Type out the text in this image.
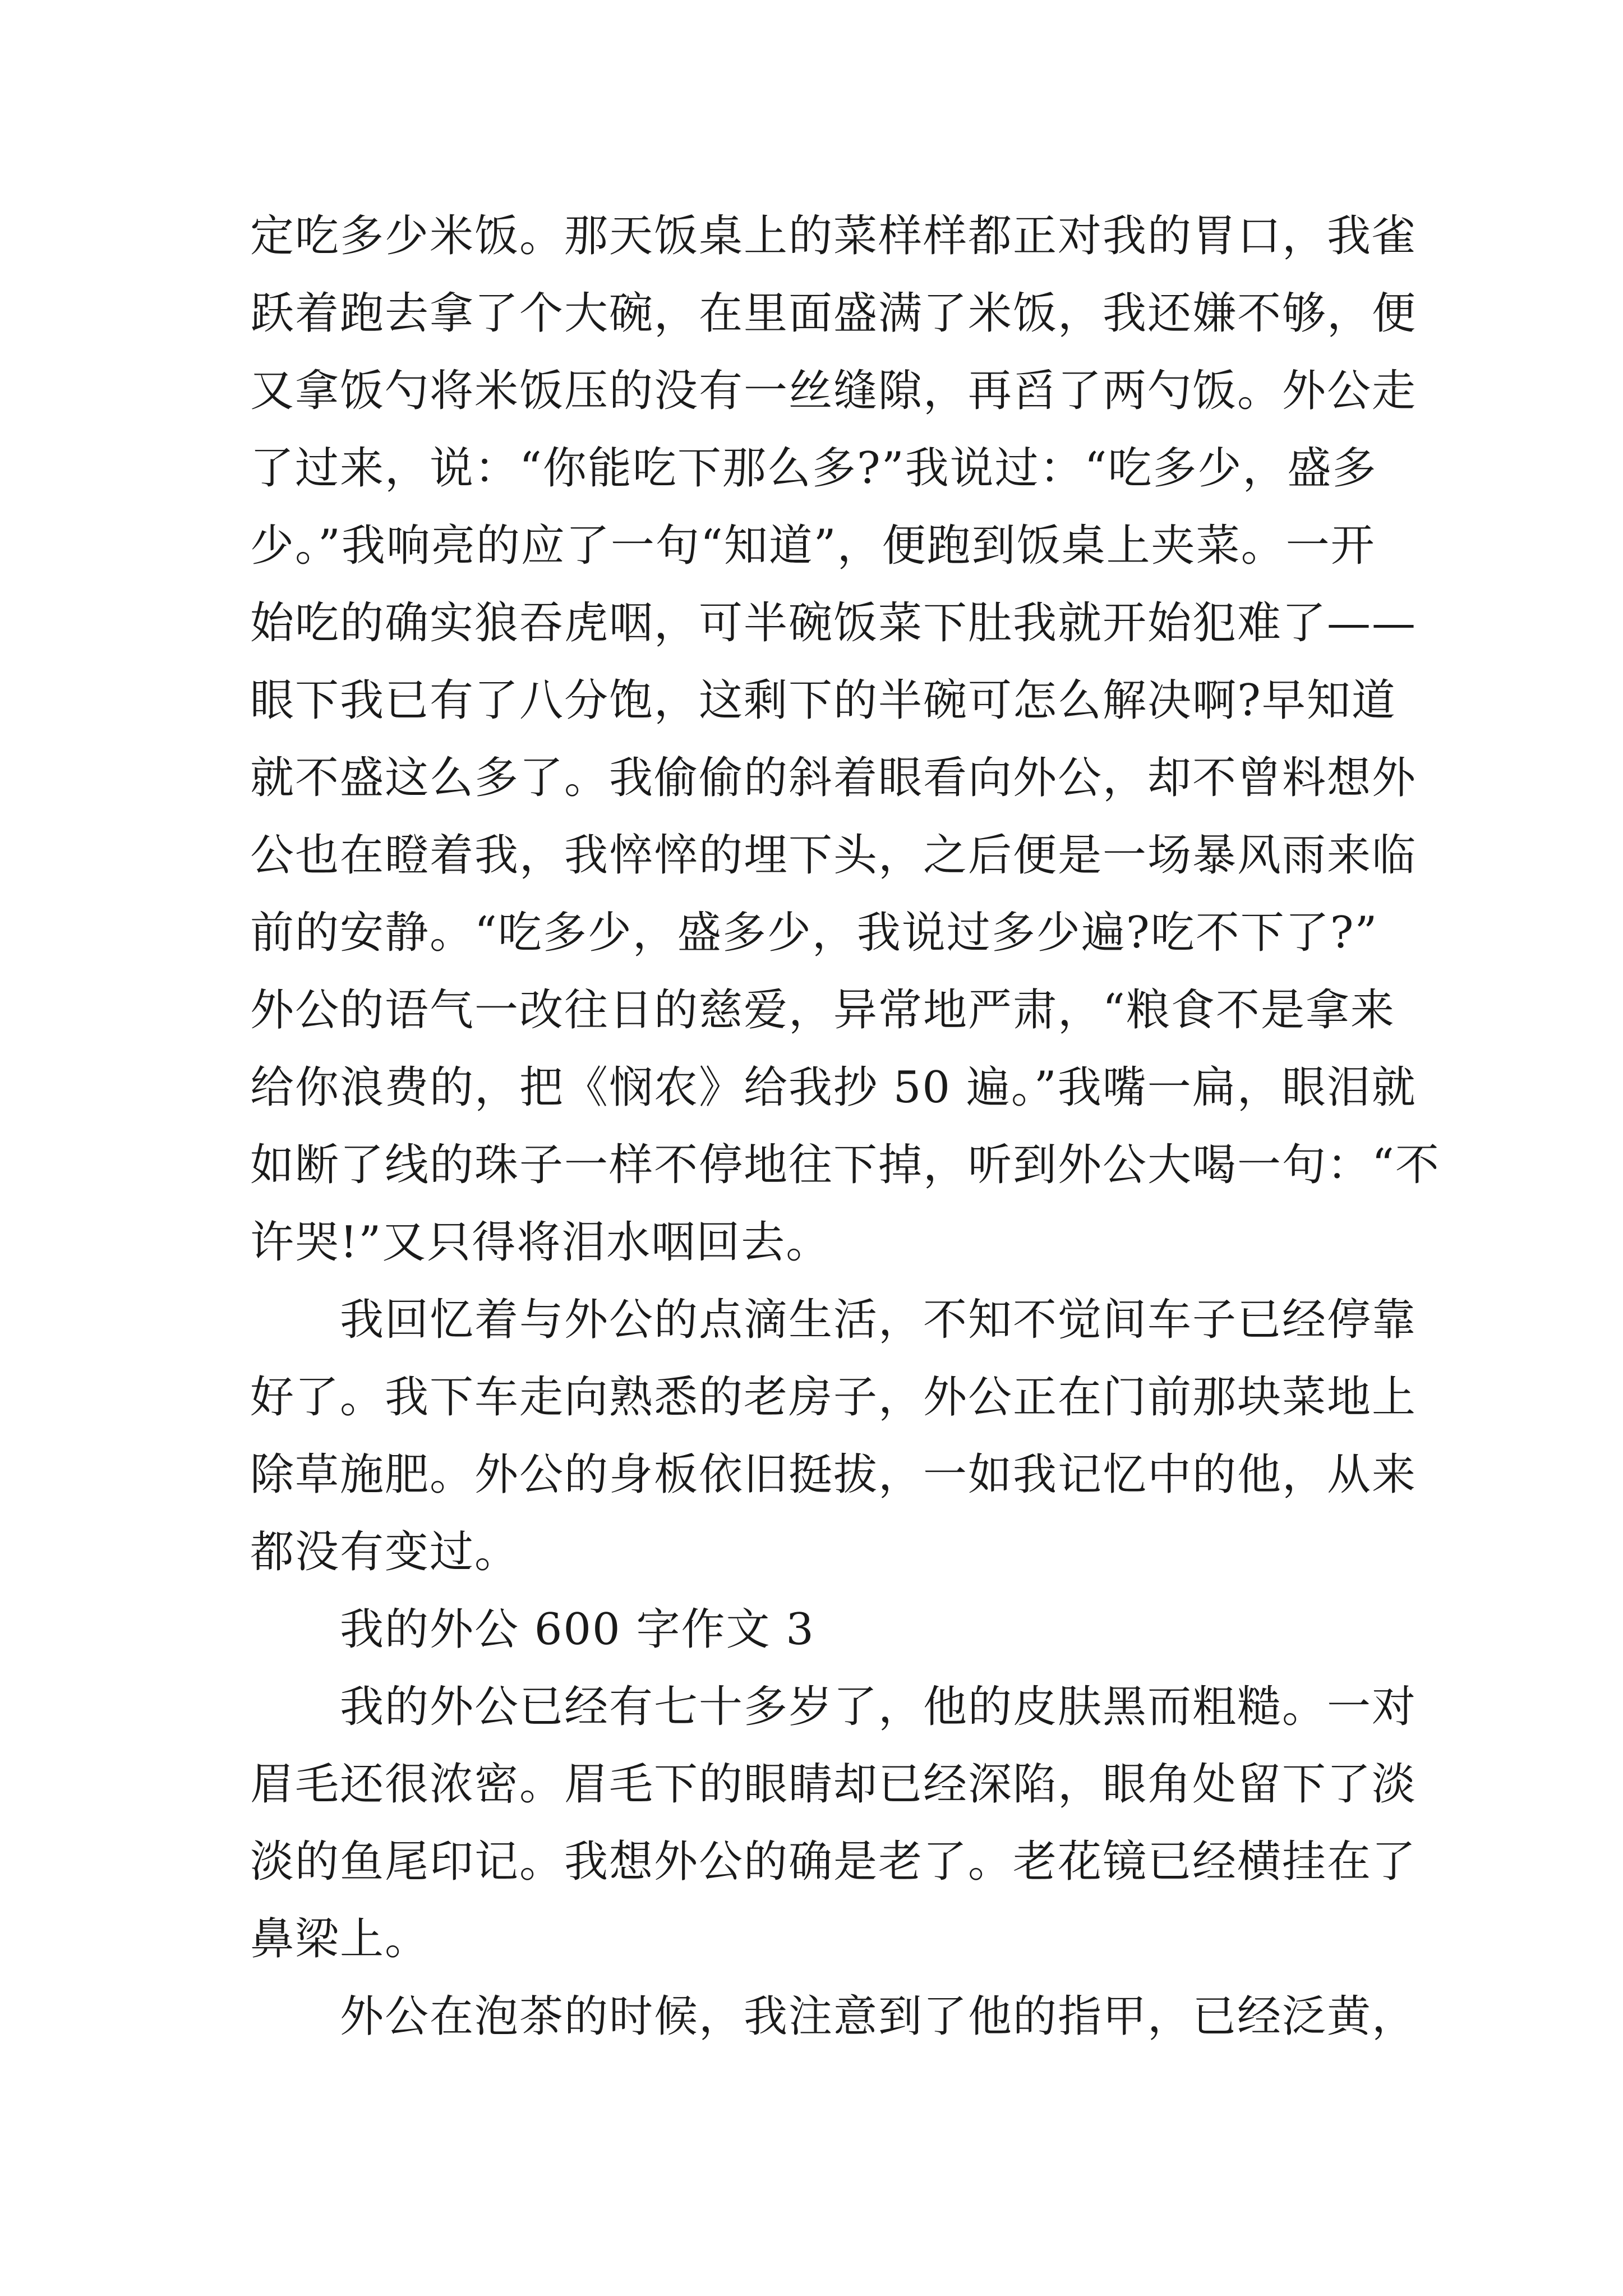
定吃多少米饭。那天饭桌上的菜样样都正对我的胃口，我雀
跃着跑去拿了个大碗，在里面盛满了米饭，我还嫌不够，便
又拿饭勺将米饭压的没有一丝缝隙，再舀了两勺饭。外公走
了过来，说：“你能吃下那么多?”我说过：“吃多少，盛多
少。”我响亮的应了一句“知道”，便跑到饭桌上夹菜。一开
始吃的确实狼吞虎咽，可半碗饭菜下肚我就开始犯难了——
眼下我已有了八分饱，这剩下的半碗可怎么解决啊?早知道
就不盛这么多了。我偷偷的斜着眼看向外公，却不曾料想外
公也在瞪着我，我悴悴的埋下头，之后便是一场暴风雨来临
前的安静。“吃多少，盛多少，我说过多少遍?吃不下了?”
外公的语气一改往日的慈爱，异常地严肃，“粮食不是拿来
给你浪费的，把《悯农》给我抄 50 遍。”我嘴一扁，眼泪就
如断了线的珠子一样不停地往下掉，听到外公大喝一句：“不
许哭!”又只得将泪水咽回去。

我回忆着与外公的点滴生活，不知不觉间车子已经停靠
好了。我下车走向熟悉的老房子，外公正在门前那块菜地上
除草施肥。外公的身板依旧挺拔，一如我记忆中的他，从来
都没有变过。

我的外公 600 字作文 3

我的外公已经有七十多岁了，他的皮肤黑而粗糙。一对
眉毛还很浓密。眉毛下的眼睛却已经深陷，眼角处留下了淡
淡的鱼尾印记。我想外公的确是老了。老花镜已经横挂在了
鼻梁上。

外公在泡茶的时候，我注意到了他的指甲，已经泛黄，
